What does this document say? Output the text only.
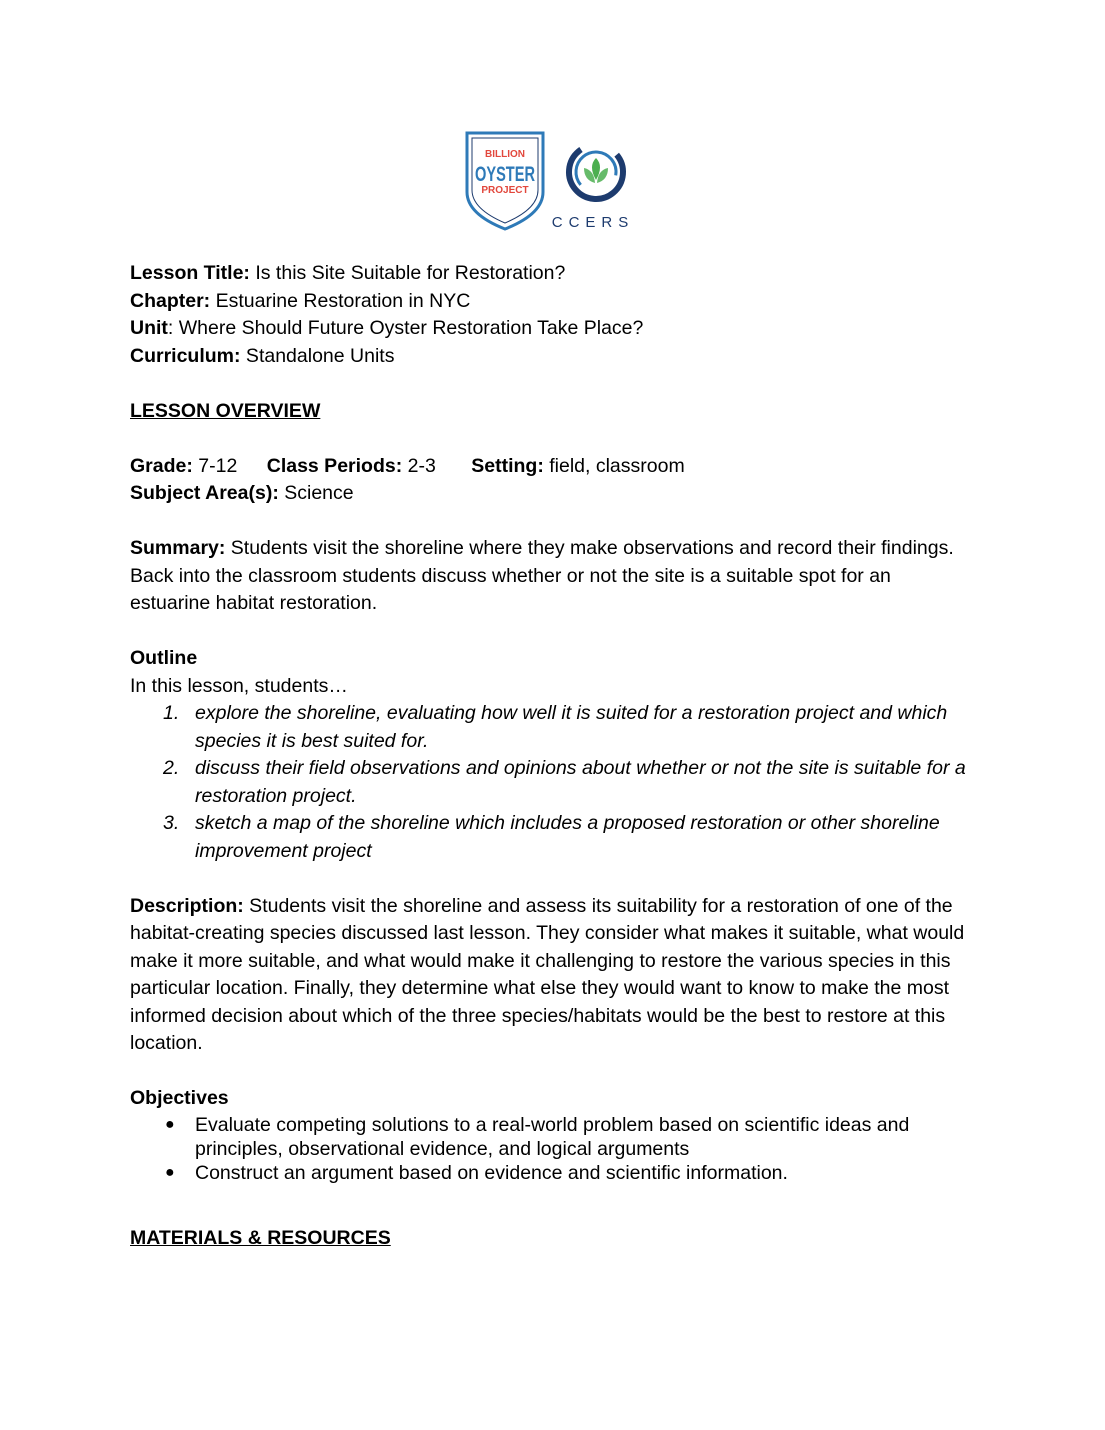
BILLION
OYSTER
PROJECT
CCERS

Lesson Title: Is this Site Suitable for Restoration?

Chapter: Estuarine Restoration in NYC

Unit: Where Should Future Oyster Restoration Take Place?

Curriculum: Standalone Units

LESSON OVERVIEW

Grade: 7-12 Class Periods: 2-3 Setting: field, classroom

Subject Area(s): Science

Summary: Students visit the shoreline where they make observations and record their findings. Back into the classroom students discuss whether or not the site is a suitable spot for an estuarine habitat restoration.

Outline

In this lesson, students…

1. explore the shoreline, evaluating how well it is suited for a restoration project and which species it is best suited for.
2. discuss their field observations and opinions about whether or not the site is suitable for a restoration project.
3. sketch a map of the shoreline which includes a proposed restoration or other shoreline improvement project

Description: Students visit the shoreline and assess its suitability for a restoration of one of the habitat-creating species discussed last lesson. They consider what makes it suitable, what would make it more suitable, and what would make it challenging to restore the various species in this particular location. Finally, they determine what else they would want to know to make the most informed decision about which of the three species/habitats would be the best to restore at this location.

Objectives

● Evaluate competing solutions to a real-world problem based on scientific ideas and principles, observational evidence, and logical arguments
● Construct an argument based on evidence and scientific information.

MATERIALS & RESOURCES
